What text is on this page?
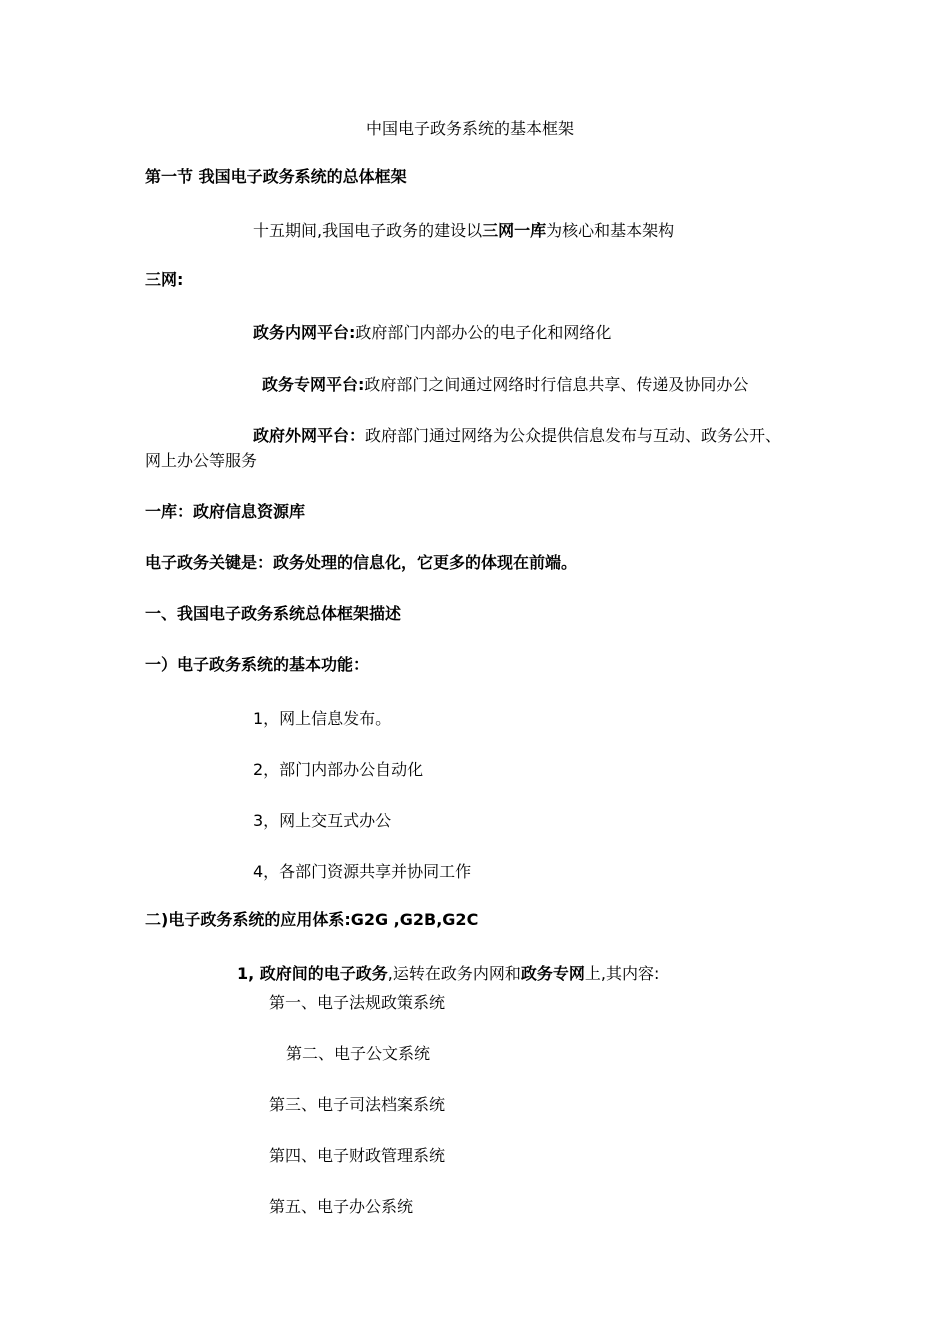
中国电子政务系统的基本框架
第一节 我国电子政务系统的总体框架
十五期间,我国电子政务的建设以三网一库为核心和基本架构
三网:
政务内网平台:政府部门内部办公的电子化和网络化
政务专网平台:政府部门之间通过网络时行信息共享、传递及协同办公
政府外网平台：政府部门通过网络为公众提供信息发布与互动、政务公开、
网上办公等服务
一库：政府信息资源库
电子政务关键是：政务处理的信息化，它更多的体现在前端。
一、我国电子政务系统总体框架描述
一）电子政务系统的基本功能：
1，网上信息发布。
2，部门内部办公自动化
3，网上交互式办公
4，各部门资源共享并协同工作
二)电子政务系统的应用体系:G2G ,G2B,G2C
1, 政府间的电子政务,运转在政务内网和政务专网上,其内容:
第一、电子法规政策系统
第二、电子公文系统
第三、电子司法档案系统
第四、电子财政管理系统
第五、电子办公系统
